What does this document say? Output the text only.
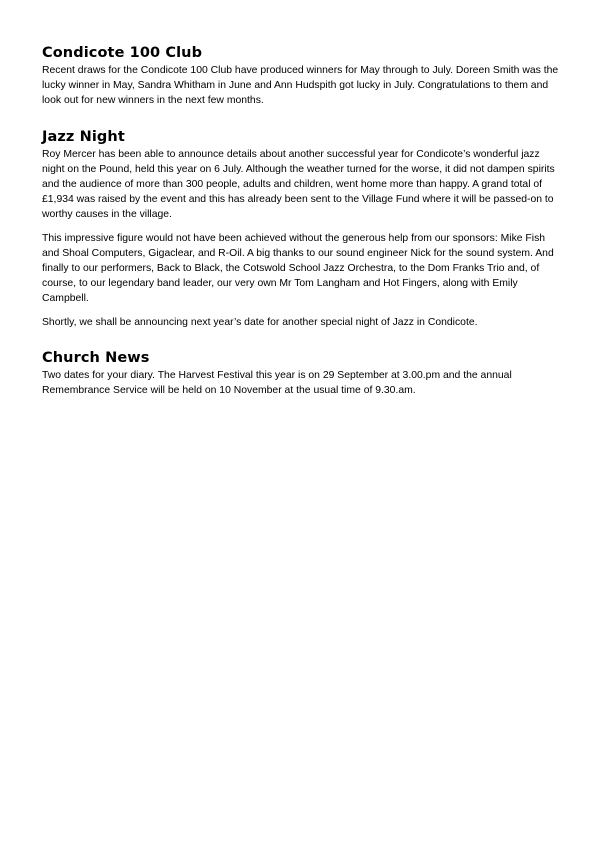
Condicote 100 Club

Recent draws for the Condicote 100 Club have produced winners for May through to July. Doreen Smith was the lucky winner in May, Sandra Whitham in June and Ann Hudspith got lucky in July. Congratulations to them and look out for new winners in the next few months.

Jazz Night

Roy Mercer has been able to announce details about another successful year for Condicote’s wonderful jazz night on the Pound, held this year on 6 July. Although the weather turned for the worse, it did not dampen spirits and the audience of more than 300 people, adults and children, went home more than happy. A grand total of £1,934 was raised by the event and this has already been sent to the Village Fund where it will be passed-on to worthy causes in the village.

This impressive figure would not have been achieved without the generous help from our sponsors: Mike Fish and Shoal Computers, Gigaclear, and R-Oil. A big thanks to our sound engineer Nick for the sound system. And finally to our performers, Back to Black, the Cotswold School Jazz Orchestra, to the Dom Franks Trio and, of course, to our legendary band leader, our very own Mr Tom Langham and Hot Fingers, along with Emily Campbell.

Shortly, we shall be announcing next year’s date for another special night of Jazz in Condicote.

Church News

Two dates for your diary. The Harvest Festival this year is on 29 September at 3.00.pm and the annual Remembrance Service will be held on 10 November at the usual time of 9.30.am.
